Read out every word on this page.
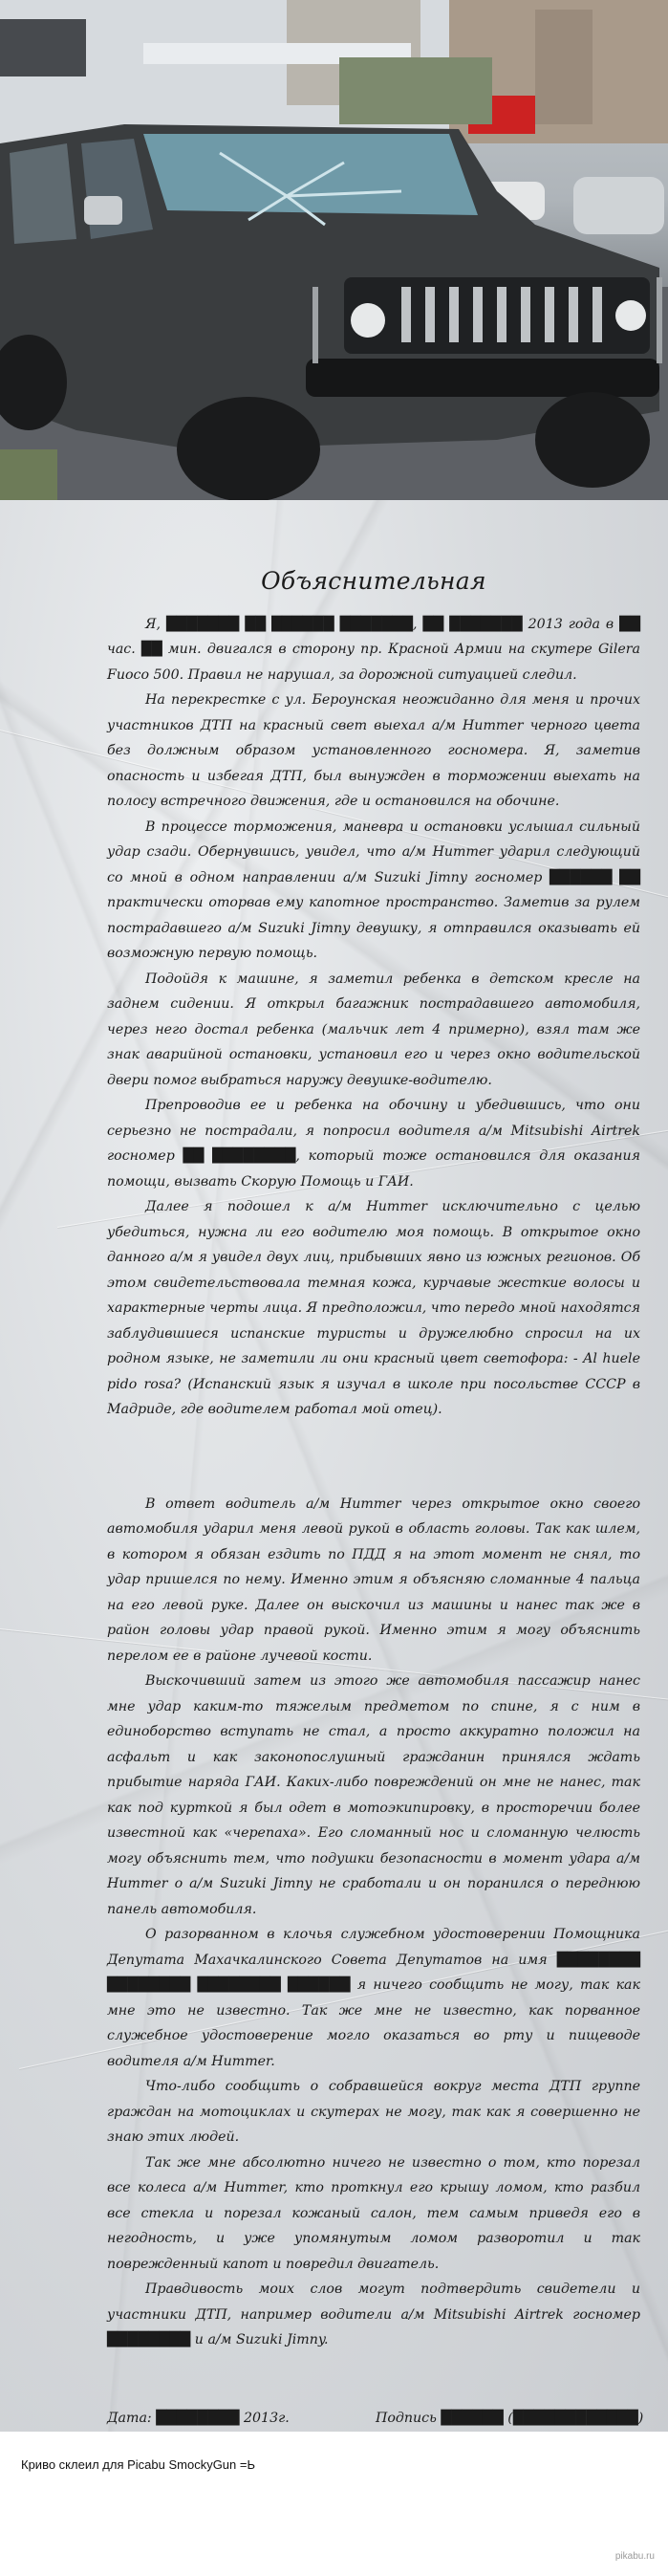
Объяснительная

Я, ███████ ██ ██████ ███████, ██ ███████ 2013 года в ██ час. ██ мин. двигался в сторону пр. Красной Армии на скутере Gilera Fuoco 500. Правил не нарушал, за дорожной ситуацией следил.

На перекрестке с ул. Бероунская неожиданно для меня и прочих участников ДТП на красный свет выехал а/м Hummer черного цвета без должным образом установленного госномера. Я, заметив опасность и избегая ДТП, был вынужден в торможении выехать на полосу встречного движения, где и остановился на обочине.

В процессе торможения, маневра и остановки услышал сильный удар сзади. Обернувшись, увидел, что а/м Hummer ударил следующий со мной в одном направлении а/м Suzuki Jimny госномер ██████ ██ практически оторвав ему капотное пространство. Заметив за рулем пострадавшего а/м Suzuki Jimny девушку, я отправился оказывать ей возможную первую помощь.

Подойдя к машине, я заметил ребенка в детском кресле на заднем сидении. Я открыл багажник пострадавшего автомобиля, через него достал ребенка (мальчик лет 4 примерно), взял там же знак аварийной остановки, установил его и через окно водительской двери помог выбраться наружу девушке-водителю.

Препроводив ее и ребенка на обочину и убедившись, что они серьезно не пострадали, я попросил водителя а/м Mitsubishi Airtrek госномер ██ ████████, который тоже остановился для оказания помощи, вызвать Скорую Помощь и ГАИ.

Далее я подошел к а/м Hummer исключительно с целью убедиться, нужна ли его водителю моя помощь. В открытое окно данного а/м я увидел двух лиц, прибывших явно из южных регионов. Об этом свидетельствовала темная кожа, курчавые жесткие волосы и характерные черты лица. Я предположил, что передо мной находятся заблудившиеся испанские туристы и дружелюбно спросил на их родном языке, не заметили ли они красный цвет светофора: - Al huele pido rosa? (Испанский язык я изучал в школе при посольстве СССР в Мадриде, где водителем работал мой отец).

В ответ водитель а/м Hummer через открытое окно своего автомобиля ударил меня левой рукой в область головы. Так как шлем, в котором я обязан ездить по ПДД я на этот момент не снял, то удар пришелся по нему. Именно этим я объясняю сломанные 4 пальца на его левой руке. Далее он выскочил из машины и нанес так же в район головы удар правой рукой. Именно этим я могу объяснить перелом ее в районе лучевой кости.

Выскочивший затем из этого же автомобиля пассажир нанес мне удар каким-то тяжелым предметом по спине, я с ним в единоборство вступать не стал, а просто аккуратно положил на асфальт и как законопослушный гражданин принялся ждать прибытие наряда ГАИ. Каких-либо повреждений он мне не нанес, так как под курткой я был одет в мотоэкипировку, в просторечии более известной как «черепаха». Его сломанный нос и сломанную челюсть могу объяснить тем, что подушки безопасности в момент удара а/м Hummer о а/м Suzuki Jimny не сработали и он поранился о переднюю панель автомобиля.

О разорванном в клочья служебном удостоверении Помощника Депутата Махачкалинского Совета Депутатов на имя ████████ ████████ ████████ ██████ я ничего сообщить не могу, так как мне это не известно. Так же мне не известно, как порванное служебное удостоверение могло оказаться во рту и пищеводе водителя а/м Hummer.

Что-либо сообщить о собравшейся вокруг места ДТП группе граждан на мотоциклах и скутерах не могу, так как я совершенно не знаю этих людей.

Так же мне абсолютно ничего не известно о том, кто порезал все колеса а/м Hummer, кто проткнул его крышу ломом, кто разбил все стекла и порезал кожаный салон, тем самым приведя его в негодность, и уже упомянутым ломом разворотил и так поврежденный капот и повредил двигатель.

Правдивость моих слов могут подтвердить свидетели и участники ДТП, например водители а/м Mitsubishi Airtrek госномер ████████ и а/м Suzuki Jimny.

Дата: ████████ 2013г.                    Подпись ██████ (████████████)

Криво склеил для Picabu SmockyGun =Ь
pikabu.ru
